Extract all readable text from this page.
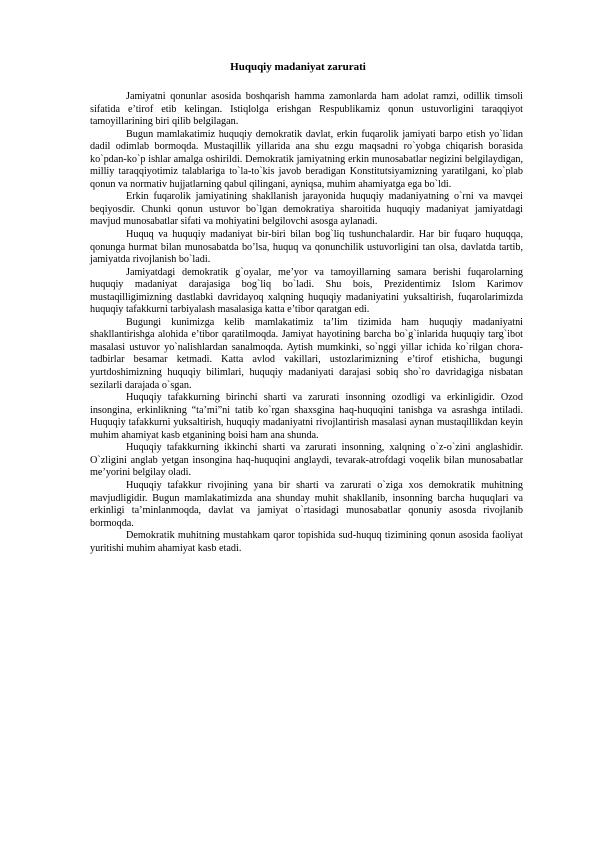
Huquqiy madaniyat zarurati

Jamiyatni qonunlar asosida boshqarish hamma zamonlarda ham adolat ramzi, odillik timsoli sifatida e’tirof etib kelingan. Istiqlolga erishgan Respublikamiz qonun ustuvorligini taraqqiyot tamoyillarining biri qilib belgilagan.

Bugun mamlakatimiz huquqiy demokratik davlat, erkin fuqarolik jamiyati barpo etish yo`lidan dadil odimlab bormoqda. Mustaqillik yillarida ana shu ezgu maqsadni ro`yobga chiqarish borasida ko`pdan-ko`p ishlar amalga oshirildi. Demokratik jamiyatning erkin munosabatlar negizini belgilaydigan, milliy taraqqiyotimiz talablariga to`la-to`kis javob beradigan Konstitutsiyamizning yaratilgani, ko`plab qonun va normativ hujjatlarning qabul qilingani, ayniqsa, muhim ahamiyatga ega bo`ldi.

Erkin fuqarolik jamiyatining shakllanish jarayonida huquqiy madaniyatning o`rni va mavqei beqiyosdir. Chunki qonun ustuvor bo`lgan demokratiya sharoitida huquqiy madaniyat jamiyatdagi mavjud munosabatlar sifati va mohiyatini belgilovchi asosga aylanadi.

Huquq va huquqiy madaniyat bir-biri bilan bog`liq tushunchalardir. Har bir fuqaro huquqqa, qonunga hurmat bilan munosabatda bo’lsa, huquq va qonunchilik ustuvorligini tan olsa, davlatda tartib, jamiyatda rivojlanish bo`ladi.

Jamiyatdagi demokratik g`oyalar, me’yor va tamoyillarning samara berishi fuqarolarning huquqiy madaniyat darajasiga bog`liq bo`ladi. Shu bois, Prezidentimiz Islom Karimov mustaqilligimizning dastlabki davridayoq xalqning huquqiy madaniyatini yuksaltirish, fuqarolarimizda huquqiy tafakkurni tarbiyalash masalasiga katta e’tibor qaratgan edi.

Bugungi kunimizga kelib mamlakatimiz ta’lim tizimida ham huquqiy madaniyatni shakllantirishga alohida e’tibor qaratilmoqda. Jamiyat hayotining barcha bo`g`inlarida huquqiy targ`ibot masalasi ustuvor yo`nalishlardan sanalmoqda. Aytish mumkinki, so`nggi yillar ichida ko`rilgan chora-tadbirlar besamar ketmadi. Katta avlod vakillari, ustozlarimizning e’tirof etishicha, bugungi yurtdoshimizning huquqiy bilimlari, huquqiy madaniyati darajasi sobiq sho`ro davridagiga nisbatan sezilarli darajada o`sgan.

Huquqiy tafakkurning birinchi sharti va zarurati insonning ozodligi va erkinligidir. Ozod insongina, erkinlikning “ta’mi”ni tatib ko`rgan shaxsgina haq-huquqini tanishga va asrashga intiladi. Huquqiy tafakkurni yuksaltirish, huquqiy madaniyatni rivojlantirish masalasi aynan mustaqillikdan keyin muhim ahamiyat kasb etganining boisi ham ana shunda.

Huquqiy tafakkurning ikkinchi sharti va zarurati insonning, xalqning o`z-o`zini anglashidir. O`zligini anglab yetgan insongina haq-huquqini anglaydi, tevarak-atrofdagi voqelik bilan munosabatlar me’yorini belgilay oladi.

Huquqiy tafakkur rivojining yana bir sharti va zarurati o`ziga xos demokratik muhitning mavjudligidir. Bugun mamlakatimizda ana shunday muhit shakllanib, insonning barcha huquqlari va erkinligi ta’minlanmoqda, davlat va jamiyat o`rtasidagi munosabatlar qonuniy asosda rivojlanib bormoqda.

Demokratik muhitning mustahkam qaror topishida sud-huquq tizimining qonun asosida faoliyat yuritishi muhim ahamiyat kasb etadi.
